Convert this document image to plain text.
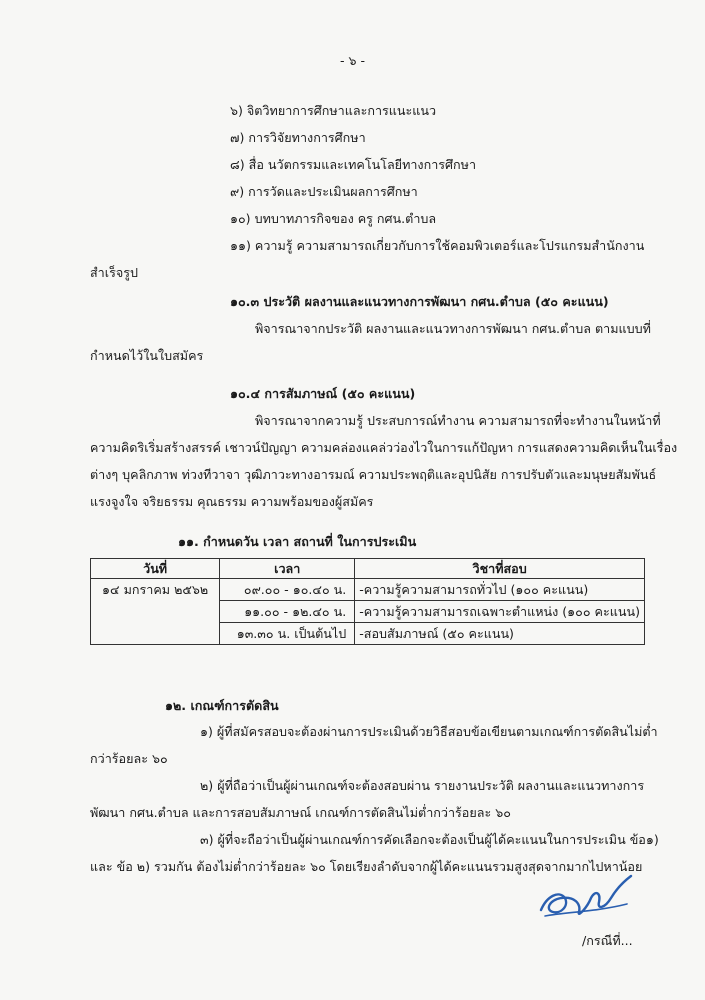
- ๖ -
๖) จิตวิทยาการศึกษาและการแนะแนว
๗) การวิจัยทางการศึกษา
๘) สื่อ นวัตกรรมและเทคโนโลยีทางการศึกษา
๙) การวัดและประเมินผลการศึกษา
๑๐) บทบาทภารกิจของ ครู กศน.ตำบล
๑๑) ความรู้ ความสามารถเกี่ยวกับการใช้คอมพิวเตอร์และโปรแกรมสำนักงาน
สำเร็จรูป
๑๐.๓ ประวัติ ผลงานและแนวทางการพัฒนา กศน.ตำบล (๕๐ คะแนน)
พิจารณาจากประวัติ ผลงานและแนวทางการพัฒนา กศน.ตำบล ตามแบบที่
กำหนดไว้ในใบสมัคร
๑๐.๔ การสัมภาษณ์ (๕๐ คะแนน)
พิจารณาจากความรู้ ประสบการณ์ทำงาน ความสามารถที่จะทำงานในหน้าที่
ความคิดริเริ่มสร้างสรรค์ เชาวน์ปัญญา ความคล่องแคล่วว่องไวในการแก้ปัญหา การแสดงความคิดเห็นในเรื่อง
ต่างๆ บุคลิกภาพ ท่วงทีวาจา วุฒิภาวะทางอารมณ์ ความประพฤติและอุปนิสัย การปรับตัวและมนุษยสัมพันธ์
แรงจูงใจ จริยธรรม คุณธรรม ความพร้อมของผู้สมัคร
๑๑. กำหนดวัน เวลา สถานที่ ในการประเมิน
วันที่	เวลา	วิชาที่สอบ
๑๔ มกราคม ๒๕๖๒	๐๙.๐๐ - ๑๐.๔๐ น.	-ความรู้ความสามารถทั่วไป (๑๐๐ คะแนน)
	๑๑.๐๐ - ๑๒.๔๐ น.	-ความรู้ความสามารถเฉพาะตำแหน่ง (๑๐๐ คะแนน)
	๑๓.๓๐ น. เป็นต้นไป	-สอบสัมภาษณ์ (๕๐ คะแนน)
๑๒. เกณฑ์การตัดสิน
๑) ผู้ที่สมัครสอบจะต้องผ่านการประเมินด้วยวิธีสอบข้อเขียนตามเกณฑ์การตัดสินไม่ต่ำ
กว่าร้อยละ ๖๐
๒) ผู้ที่ถือว่าเป็นผู้ผ่านเกณฑ์จะต้องสอบผ่าน รายงานประวัติ ผลงานและแนวทางการ
พัฒนา กศน.ตำบล และการสอบสัมภาษณ์ เกณฑ์การตัดสินไม่ต่ำกว่าร้อยละ ๖๐
๓) ผู้ที่จะถือว่าเป็นผู้ผ่านเกณฑ์การคัดเลือกจะต้องเป็นผู้ได้คะแนนในการประเมิน ข้อ๑)
และ ข้อ ๒) รวมกัน ต้องไม่ต่ำกว่าร้อยละ ๖๐ โดยเรียงลำดับจากผู้ได้คะแนนรวมสูงสุดจากมากไปหาน้อย
/กรณีที่...
